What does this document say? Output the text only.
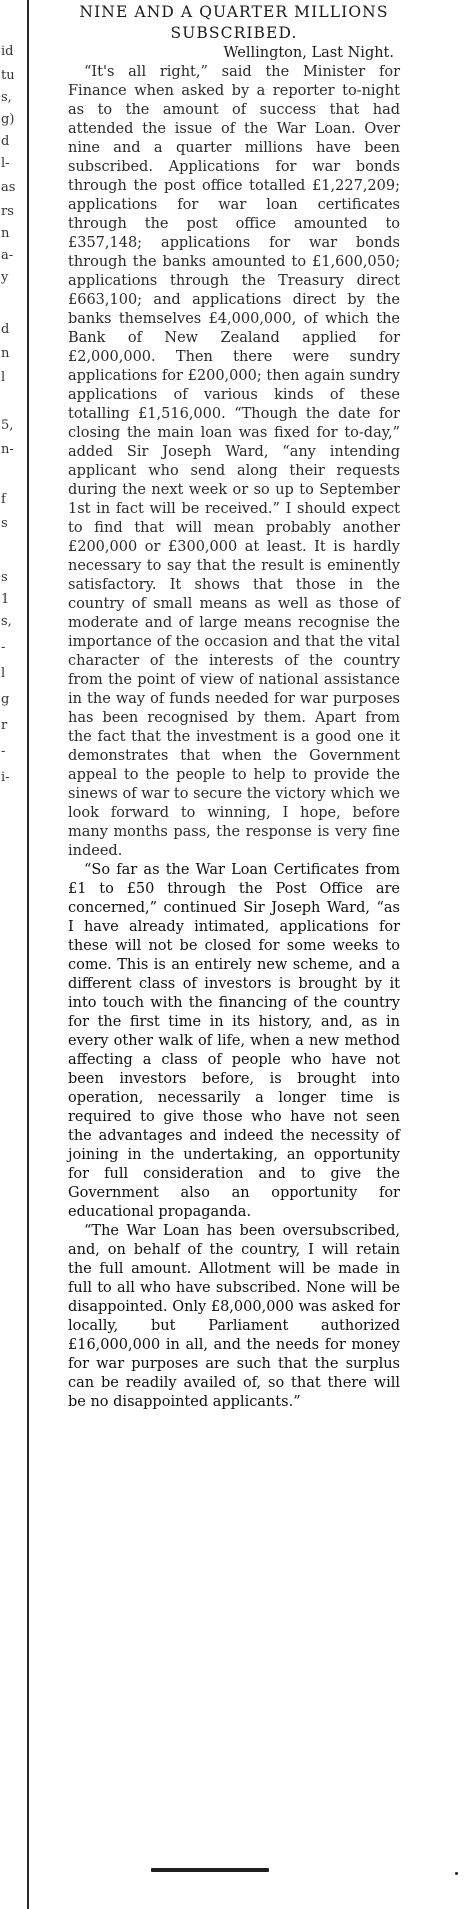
id
tu
s,
g)
d
l-
as
rs
n
a-
y
d
n
l
5,
n-
f
s
s
1
s,
-
l
g
r
-
i-
NINE AND A QUARTER MILLIONS SUBSCRIBED.

Wellington, Last Night.

“It's all right,” said the Minister for Finance when asked by a reporter to-night as to the amount of success that had attended the issue of the War Loan. Over nine and a quarter millions have been subscribed. Applications for war bonds through the post office totalled £1,227,209; applications for war loan certificates through the post office amounted to £357,148; applications for war bonds through the banks amounted to £1,600,050; applications through the Treasury direct £663,100; and applications direct by the banks themselves £4,000,000, of which the Bank of New Zealand applied for £2,000,000. Then there were sundry applications for £200,000; then again sundry applications of various kinds of these totalling £1,516,000. “Though the date for closing the main loan was fixed for to-day,” added Sir Joseph Ward, “any intending applicant who send along their requests during the next week or so up to September 1st in fact will be received.” I should expect to find that will mean probably another £200,000 or £300,000 at least. It is hardly necessary to say that the result is eminently satisfactory. It shows that those in the country of small means as well as those of moderate and of large means recognise the importance of the occasion and that the vital character of the interests of the country from the point of view of national assistance in the way of funds needed for war purposes has been recognised by them. Apart from the fact that the investment is a good one it demonstrates that when the Government appeal to the people to help to provide the sinews of war to secure the victory which we look forward to winning, I hope, before many months pass, the response is very fine indeed.

“So far as the War Loan Certificates from £1 to £50 through the Post Office are concerned,” continued Sir Joseph Ward, “as I have already intimated, applications for these will not be closed for some weeks to come. This is an entirely new scheme, and a different class of investors is brought by it into touch with the financing of the country for the first time in its history, and, as in every other walk of life, when a new method affecting a class of people who have not been investors before, is brought into operation, necessarily a longer time is required to give those who have not seen the advantages and indeed the necessity of joining in the undertaking, an opportunity for full consideration and to give the Government also an opportunity for educational propaganda.

“The War Loan has been oversubscribed, and, on behalf of the country, I will retain the full amount. Allotment will be made in full to all who have subscribed. None will be disappointed. Only £8,000,000 was asked for locally, but Parliament authorized £16,000,000 in all, and the needs for money for war purposes are such that the surplus can be readily availed of, so that there will be no disappointed applicants.”
